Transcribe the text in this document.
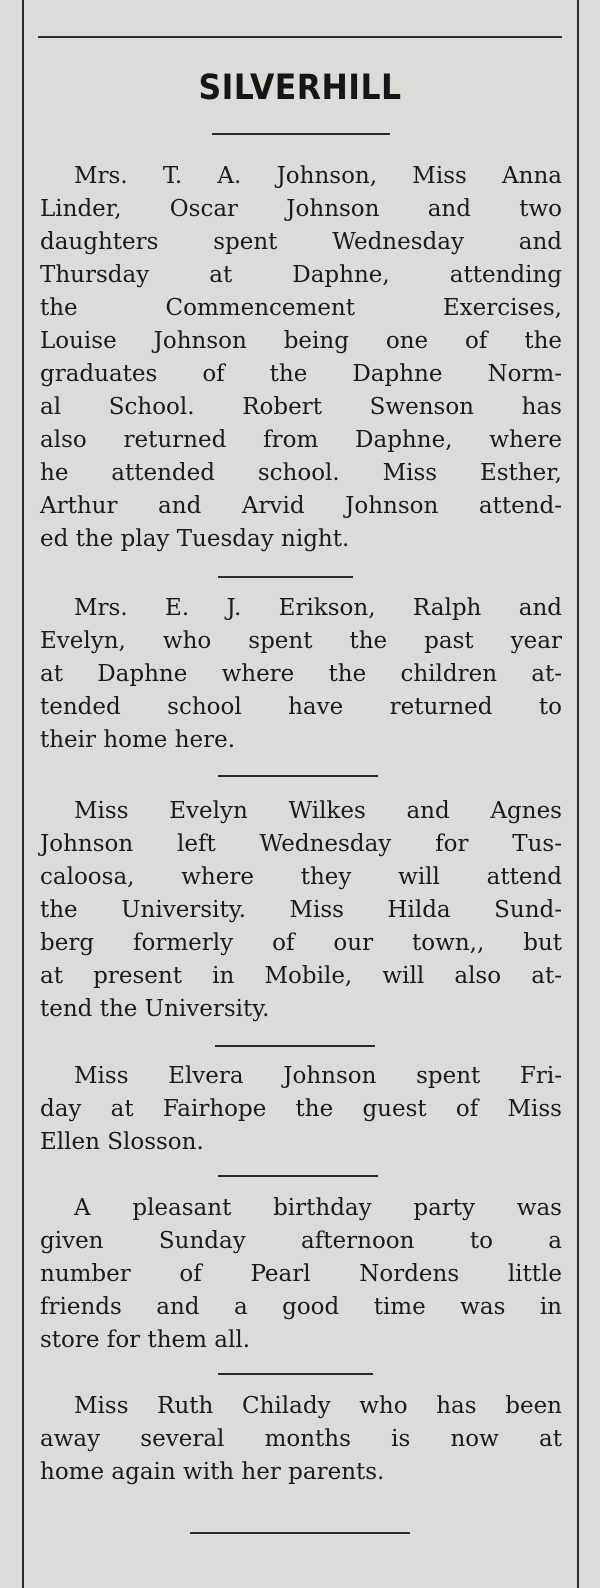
SILVERHILL
Mrs. T. A. Johnson, Miss Anna
Linder, Oscar Johnson and two
daughters spent Wednesday and
Thursday at Daphne, attending
the Commencement Exercises,
Louise Johnson being one of the
graduates of the Daphne Norm-
al School. Robert Swenson has
also returned from Daphne, where
he attended school. Miss Esther,
Arthur and Arvid Johnson attend-
ed the play Tuesday night.
Mrs. E. J. Erikson, Ralph and
Evelyn, who spent the past year
at Daphne where the children at-
tended school have returned to
their home here.
Miss Evelyn Wilkes and Agnes
Johnson left Wednesday for Tus-
caloosa, where they will attend
the University. Miss Hilda Sund-
berg formerly of our town,, but
at present in Mobile, will also at-
tend the University.
Miss Elvera Johnson spent Fri-
day at Fairhope the guest of Miss
Ellen Slosson.
A pleasant birthday party was
given Sunday afternoon to a
number of Pearl Nordens little
friends and a good time was in
store for them all.
Miss Ruth Chilady who has been
away several months is now at
home again with her parents.
